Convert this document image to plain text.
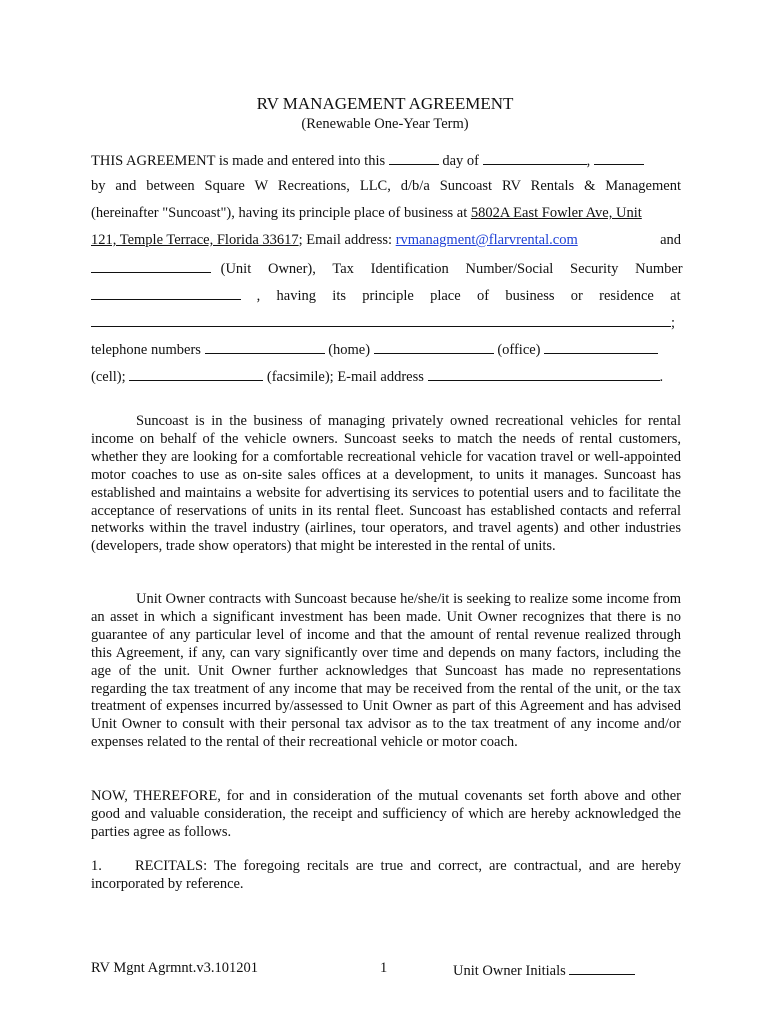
RV MANAGEMENT AGREEMENT
(Renewable One-Year Term)
THIS AGREEMENT is made and entered into this	day of	,
by and between Square W Recreations, LLC, d/b/a Suncoast RV Rentals & Management
(hereinafter "Suncoast"), having its principle place of business at 5802A East Fowler Ave, Unit
121, Temple Terrace, Florida 33617; Email address: rvmanagment@flarvrental.com	and
(Unit Owner), Tax Identification Number/Social Security Number
, having its principle place of business or residence at
;
telephone numbers	(home)	(office)
(cell);	(facsimile); E-mail address	.

Suncoast is in the business of managing privately owned recreational vehicles for rental income on behalf of the vehicle owners. Suncoast seeks to match the needs of rental customers, whether they are looking for a comfortable recreational vehicle for vacation travel or well-appointed motor coaches to use as on-site sales offices at a development, to units it manages. Suncoast has established and maintains a website for advertising its services to potential users and to facilitate the acceptance of reservations of units in its rental fleet. Suncoast has established contacts and referral networks within the travel industry (airlines, tour operators, and travel agents) and other industries (developers, trade show operators) that might be interested in the rental of units.

Unit Owner contracts with Suncoast because he/she/it is seeking to realize some income from an asset in which a significant investment has been made. Unit Owner recognizes that there is no guarantee of any particular level of income and that the amount of rental revenue realized through this Agreement, if any, can vary significantly over time and depends on many factors, including the age of the unit. Unit Owner further acknowledges that Suncoast has made no representations regarding the tax treatment of any income that may be received from the rental of the unit, or the tax treatment of expenses incurred by/assessed to Unit Owner as part of this Agreement and has advised Unit Owner to consult with their personal tax advisor as to the tax treatment of any income and/or expenses related to the rental of their recreational vehicle or motor coach.

NOW, THEREFORE, for and in consideration of the mutual covenants set forth above and other good and valuable consideration, the receipt and sufficiency of which are hereby acknowledged the parties agree as follows.

1. RECITALS: The foregoing recitals are true and correct, are contractual, and are hereby incorporated by reference.

RV Mgnt Agrmnt.v3.101201	1	Unit Owner Initials
